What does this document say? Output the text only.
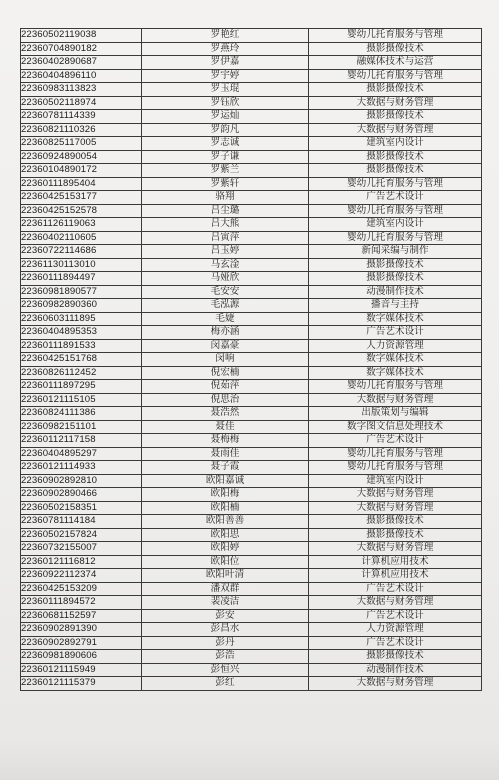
22360502119038	罗艳红	婴幼儿托育服务与管理
22360704890182	罗燕玲	摄影摄像技术
22360402890687	罗伊嘉	融媒体技术与运营
22360404896110	罗宇婷	婴幼儿托育服务与管理
22360983113823	罗玉琨	摄影摄像技术
22360502118974	罗钰欣	大数据与财务管理
22360781114339	罗运灿	摄影摄像技术
22360821110326	罗韵凡	大数据与财务管理
22360825117005	罗志诚	建筑室内设计
22360924890054	罗子谦	摄影摄像技术
22360104890172	罗紫兰	摄影摄像技术
22360111895404	罗紫轩	婴幼儿托育服务与管理
22360425153177	骆翔	广告艺术设计
22360425152578	吕尘璐	婴幼儿托育服务与管理
22361126119063	吕大熊	建筑室内设计
22360402110605	吕寅萍	婴幼儿托育服务与管理
22360722114686	吕玉婷	新闻采编与制作
22361130113010	马玄淦	摄影摄像技术
22360111894497	马娅欣	摄影摄像技术
22360981890577	毛安安	动漫制作技术
22360982890360	毛泓源	播音与主持
22360603111895	毛婕	数字媒体技术
22360404895353	梅亦涵	广告艺术设计
22360111891533	闵嘉豪	人力资源管理
22360425151768	闵响	数字媒体技术
22360826112452	倪宏楠	数字媒体技术
22360111897295	倪茹萍	婴幼儿托育服务与管理
22360121115105	倪思治	大数据与财务管理
22360824111386	聂浩然	出版策划与编辑
22360982151101	聂佳	数字图文信息处理技术
22360112117158	聂梅梅	广告艺术设计
22360404895297	聂雨佳	婴幼儿托育服务与管理
22360121114933	聂子霞	婴幼儿托育服务与管理
22360902892810	欧阳嘉诚	建筑室内设计
22360902890466	欧阳梅	大数据与财务管理
22360502158351	欧阳楠	大数据与财务管理
22360781114184	欧阳善善	摄影摄像技术
22360502157824	欧阳思	摄影摄像技术
22360732155007	欧阳婷	大数据与财务管理
22360121116812	欧阳位	计算机应用技术
22360922112374	欧阳叶清	计算机应用技术
22360425153209	潘双群	广告艺术设计
22360111894572	裴凌洁	大数据与财务管理
22360681152597	彭安	广告艺术设计
22360902891390	彭昌水	人力资源管理
22360902892791	彭丹	广告艺术设计
22360981890606	彭浩	摄影摄像技术
22360121115949	彭恒兴	动漫制作技术
22360121115379	彭红	大数据与财务管理
